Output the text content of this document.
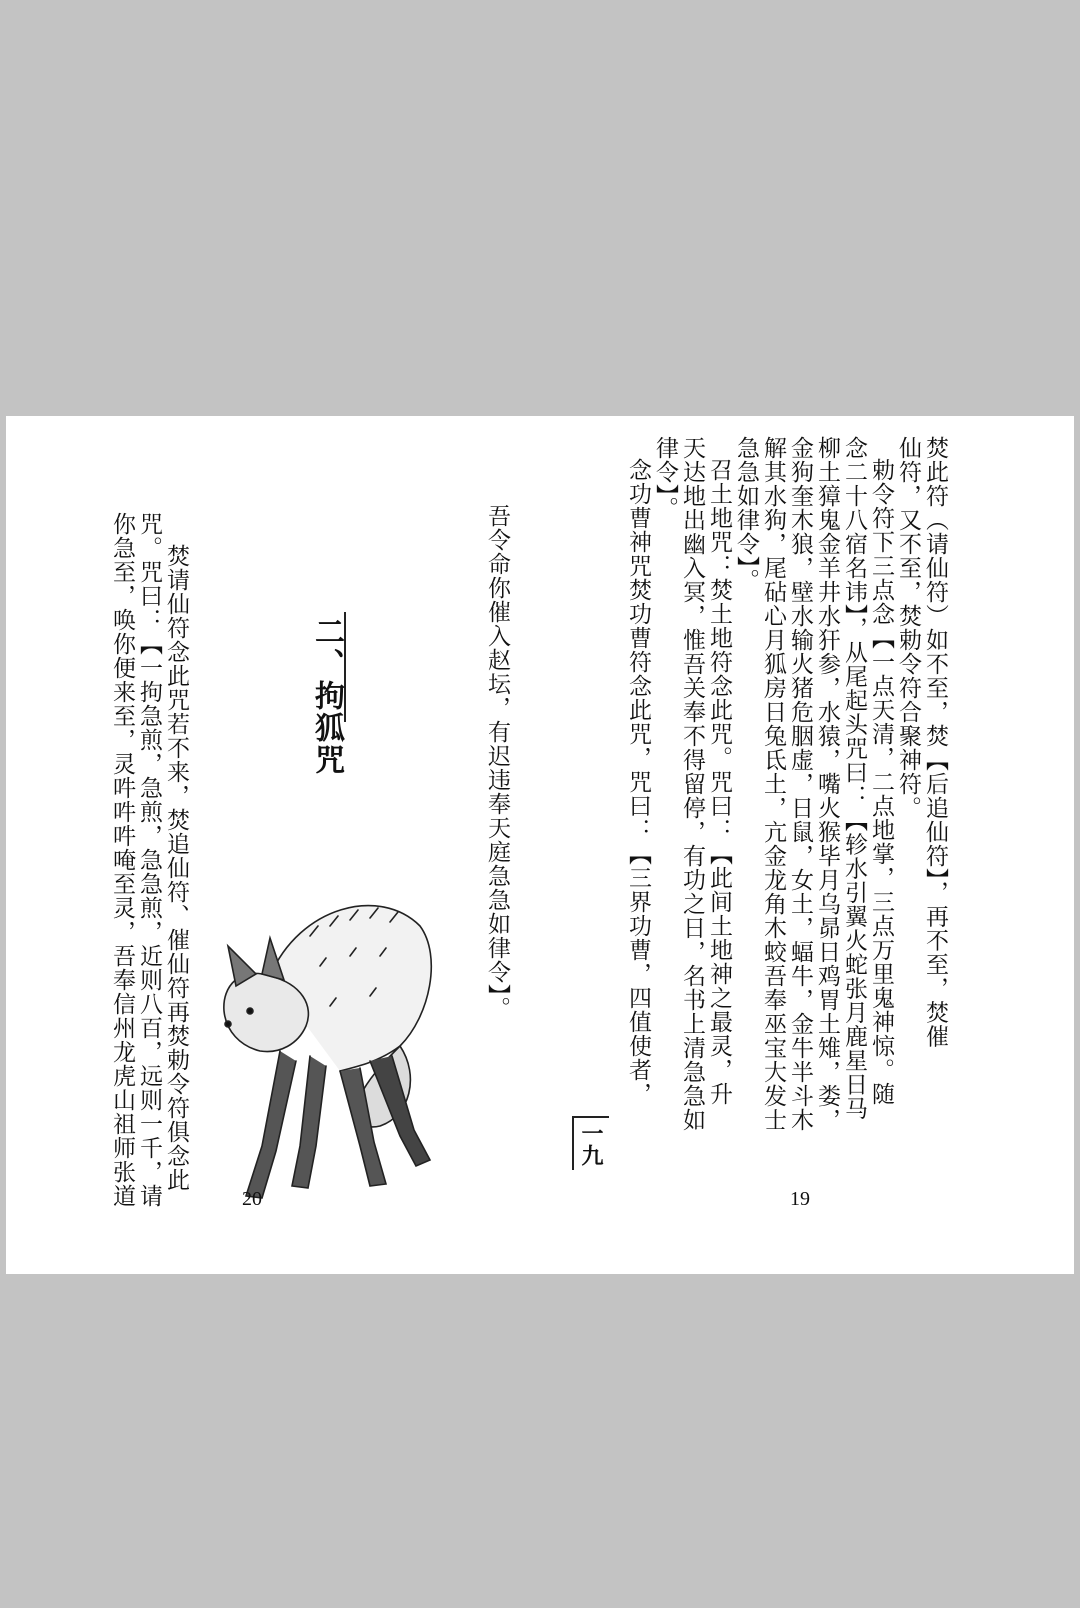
吾令命你催入赵坛，有迟违奉天庭急急如律令】。
二、拘狐咒
焚请仙符念此咒若不来，焚追仙符、催仙符再焚勅令符俱念此
咒。咒曰：【一拘急煎，急煎，急急煎，近则八百，远则一千，请
你急至，唤你便来至，灵吽吽吽唵至灵，吾奉信州龙虎山祖师张道	20
焚此符（请仙符）如不至，焚【后追仙符】，再不至，焚催
仙符，又不至，焚勅令符合聚神符。
勅令符下三点念【一点天清，二点地掌，三点万里鬼神惊。随
念二十八宿名讳】，从尾起头咒曰：【轸水引翼火蛇张月鹿星日马
柳土獐鬼金羊井水犴参，水猿，嘴火猴毕月乌昴日鸡胃土雉，娄，
金狗奎木狼，壁水输火猪危胭虚，日鼠，女土，蝠牛，金牛半斗木
解其水狗，尾砧心月狐房日兔氐土，亢金龙角木蛟吾奉巫宝大发士
急急如律令】。
召土地咒：焚土地符念此咒。咒曰：【此间土地神之最灵，升
天达地出幽入冥，惟吾关奉不得留停，有功之日，名书上清急急如
律令】。
念功曹神咒焚功曹符念此咒，咒曰：【三界功曹，四值使者，
一九
19
